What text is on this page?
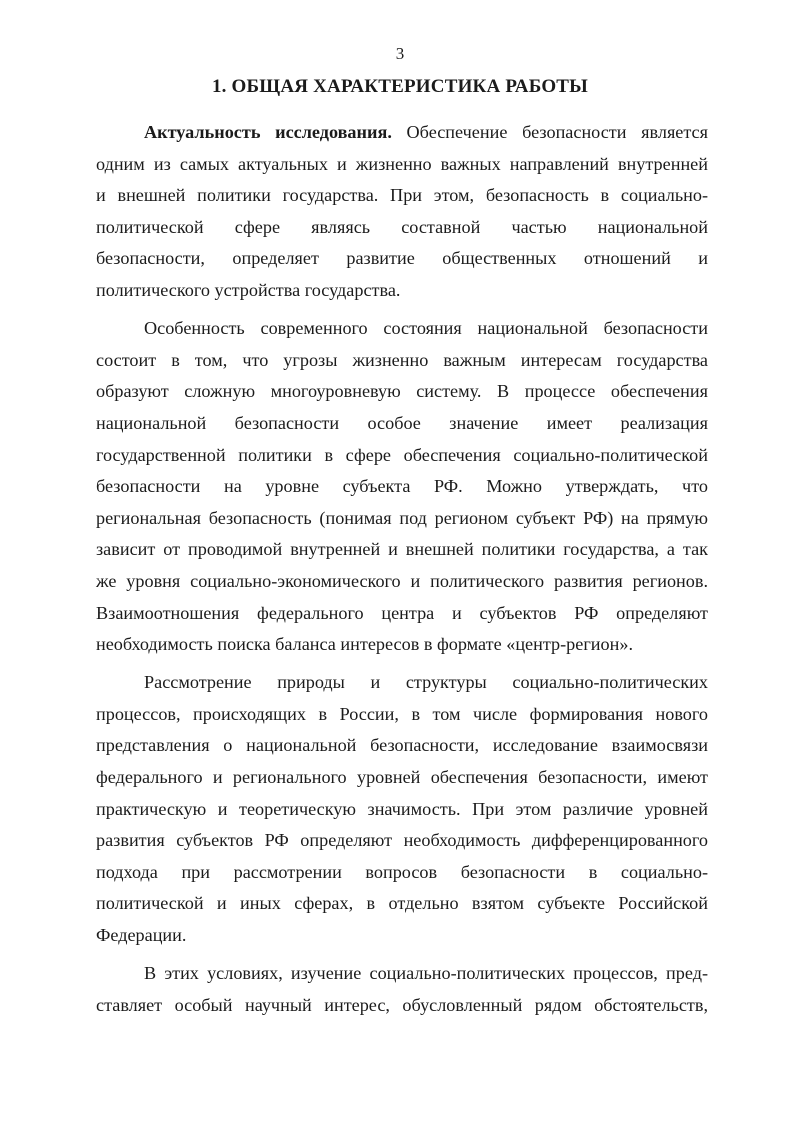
3
1. ОБЩАЯ ХАРАКТЕРИСТИКА РАБОТЫ
Актуальность исследования. Обеспечение безопасности является
одним из самых актуальных и жизненно важных направлений внутренней
и внешней политики государства. При этом, безопасность в социально-
политической сфере являясь составной частью национальной
безопасности, определяет развитие общественных отношений и
политического устройства государства.
Особенность современного состояния национальной безопасности
состоит в том, что угрозы жизненно важным интересам государства
образуют сложную многоуровневую систему. В процессе обеспечения
национальной безопасности особое значение имеет реализация
государственной политики в сфере обеспечения социально-политической
безопасности на уровне субъекта РФ. Можно утверждать, что
региональная безопасность (понимая под регионом субъект РФ) на прямую
зависит от проводимой внутренней и внешней политики государства, а так
же уровня социально-экономического и политического развития регионов.
Взаимоотношения федерального центра и субъектов РФ определяют
необходимость поиска баланса интересов в формате «центр-регион».
Рассмотрение природы и структуры социально-политических
процессов, происходящих в России, в том числе формирования нового
представления о национальной безопасности, исследование взаимосвязи
федерального и регионального уровней обеспечения безопасности, имеют
практическую и теоретическую значимость. При этом различие уровней
развития субъектов РФ определяют необходимость дифференцированного
подхода при рассмотрении вопросов безопасности в социально-
политической и иных сферах, в отдельно взятом субъекте Российской
Федерации.
В этих условиях, изучение социально-политических процессов, пред-
ставляет особый научный интерес, обусловленный рядом обстоятельств,
